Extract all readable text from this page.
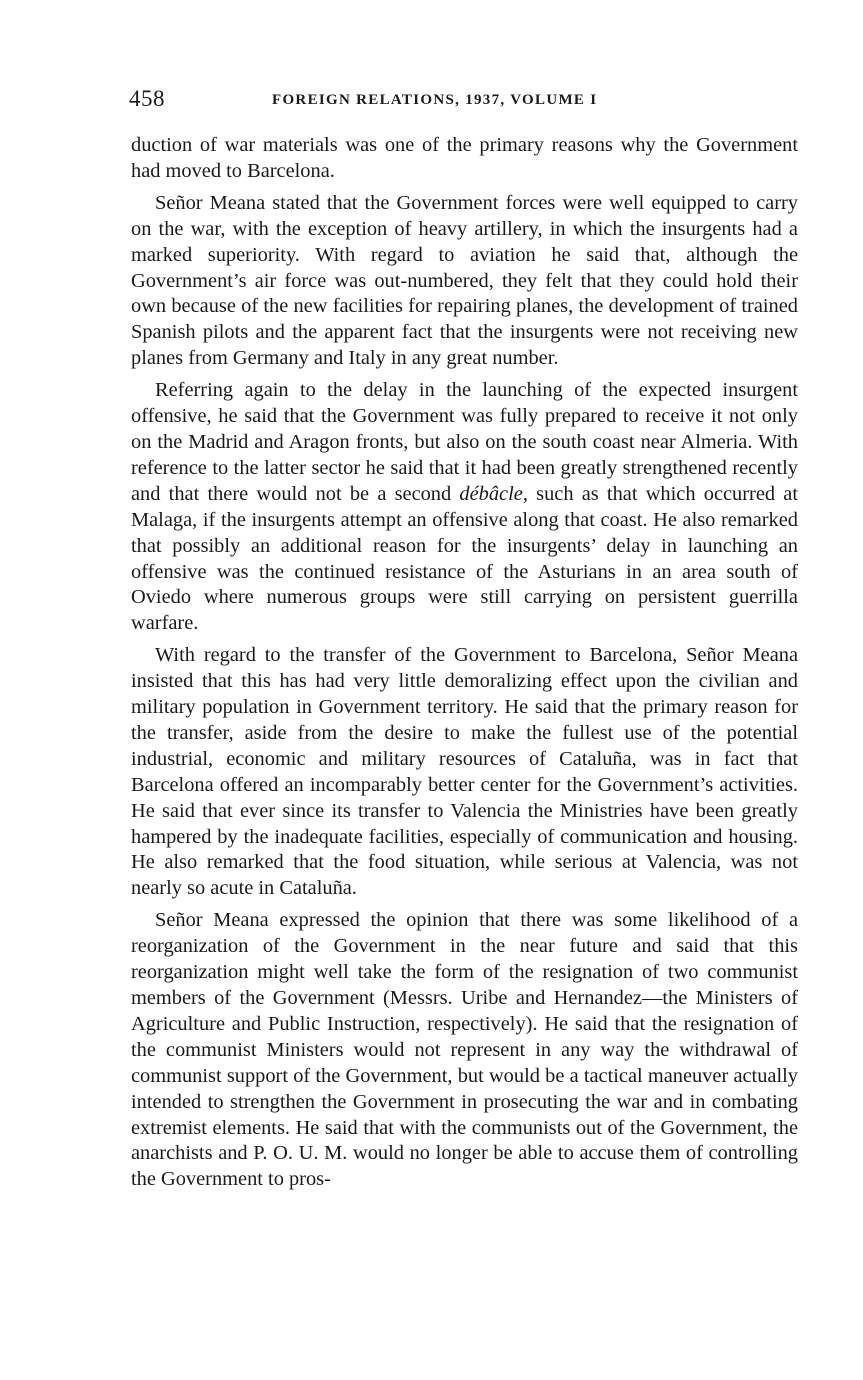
458	FOREIGN RELATIONS, 1937, VOLUME I

duction of war materials was one of the primary reasons why the Government had moved to Barcelona.

Señor Meana stated that the Government forces were well equipped to carry on the war, with the exception of heavy artillery, in which the insurgents had a marked superiority. With regard to aviation he said that, although the Government’s air force was out-numbered, they felt that they could hold their own because of the new facilities for repairing planes, the development of trained Spanish pilots and the apparent fact that the insurgents were not receiving new planes from Germany and Italy in any great number.

Referring again to the delay in the launching of the expected insurgent offensive, he said that the Government was fully prepared to receive it not only on the Madrid and Aragon fronts, but also on the south coast near Almeria. With reference to the latter sector he said that it had been greatly strengthened recently and that there would not be a second débâcle, such as that which occurred at Malaga, if the insurgents attempt an offensive along that coast. He also remarked that possibly an additional reason for the insurgents’ delay in launching an offensive was the continued resistance of the Asturians in an area south of Oviedo where numerous groups were still carrying on persistent guerrilla warfare.

With regard to the transfer of the Government to Barcelona, Señor Meana insisted that this has had very little demoralizing effect upon the civilian and military population in Government territory. He said that the primary reason for the transfer, aside from the desire to make the fullest use of the potential industrial, economic and military resources of Cataluña, was in fact that Barcelona offered an incomparably better center for the Government’s activities. He said that ever since its transfer to Valencia the Ministries have been greatly hampered by the inadequate facilities, especially of communication and housing. He also remarked that the food situation, while serious at Valencia, was not nearly so acute in Cataluña.

Señor Meana expressed the opinion that there was some likelihood of a reorganization of the Government in the near future and said that this reorganization might well take the form of the resignation of two communist members of the Government (Messrs. Uribe and Hernandez—the Ministers of Agriculture and Public Instruction, respectively). He said that the resignation of the communist Ministers would not represent in any way the withdrawal of communist support of the Government, but would be a tactical maneuver actually intended to strengthen the Government in prosecuting the war and in combating extremist elements. He said that with the communists out of the Government, the anarchists and P. O. U. M. would no longer be able to accuse them of controlling the Government to pros-
